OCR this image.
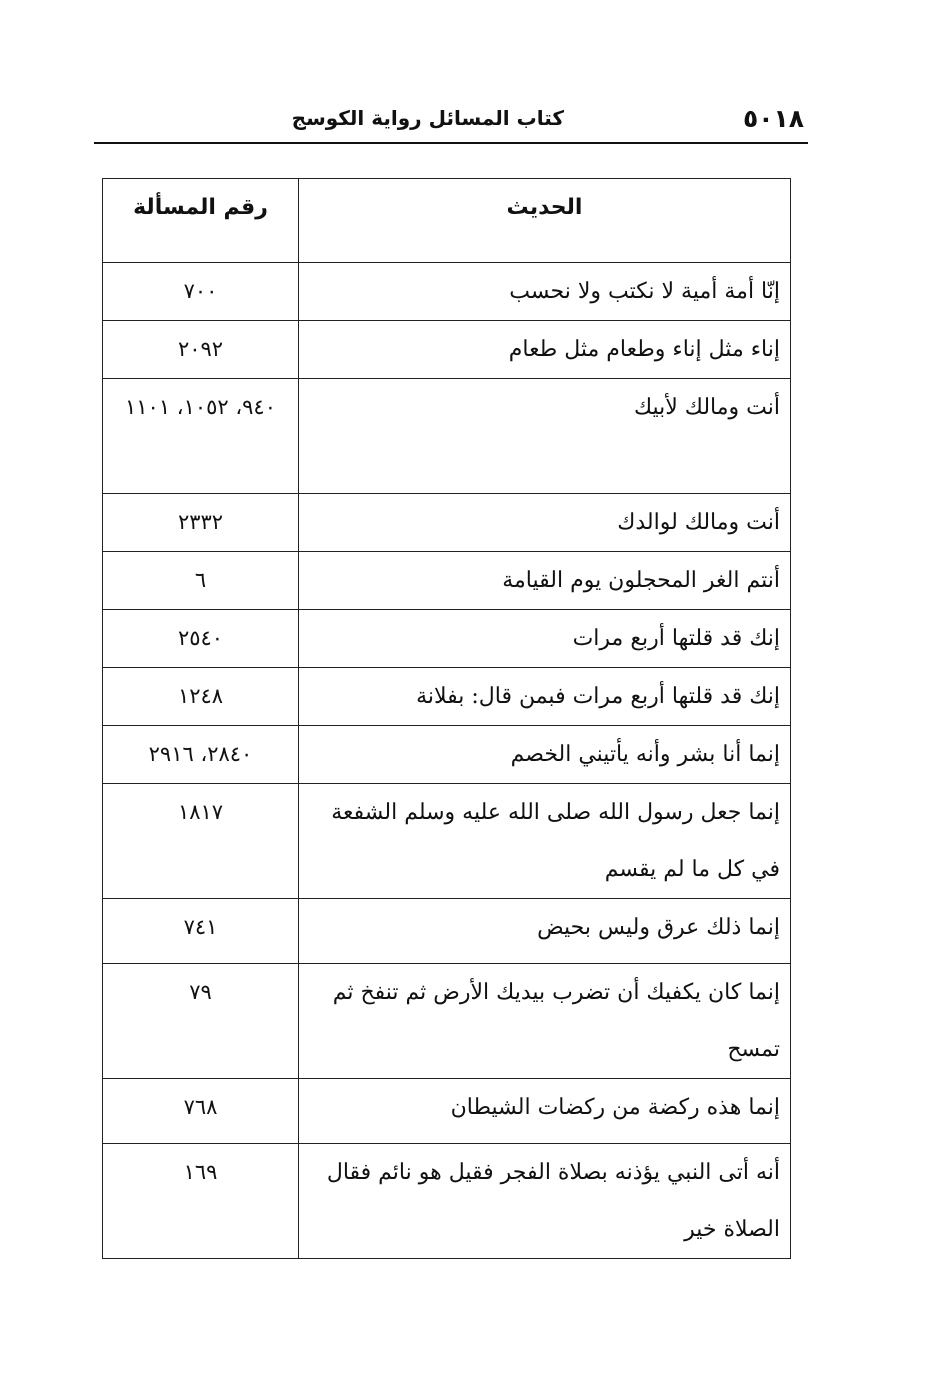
٥٠١٨
كتاب المسائل رواية الكوسج
الحديث	رقم المسألة
إنّا أمة أمية لا نكتب ولا نحسب	٧٠٠
إناء مثل إناء وطعام مثل طعام	٢٠٩٢
أنت ومالك لأبيك	٩٤٠، ١٠٥٢، ١١٠١
أنت ومالك لوالدك	٢٣٣٢
أنتم الغر المحجلون يوم القيامة	٦
إنك قد قلتها أربع مرات	٢٥٤٠
إنك قد قلتها أربع مرات فبمن قال: بفلانة	١٢٤٨
إنما أنا بشر وأنه يأتيني الخصم	٢٨٤٠، ٢٩١٦
إنما جعل رسول الله صلى الله عليه وسلم الشفعة في كل ما لم يقسم	١٨١٧
إنما ذلك عرق وليس بحيض	٧٤١
إنما كان يكفيك أن تضرب بيديك الأرض ثم تنفخ ثم تمسح	٧٩
إنما هذه ركضة من ركضات الشيطان	٧٦٨
أنه أتى النبي يؤذنه بصلاة الفجر فقيل هو نائم فقال الصلاة خير	١٦٩
